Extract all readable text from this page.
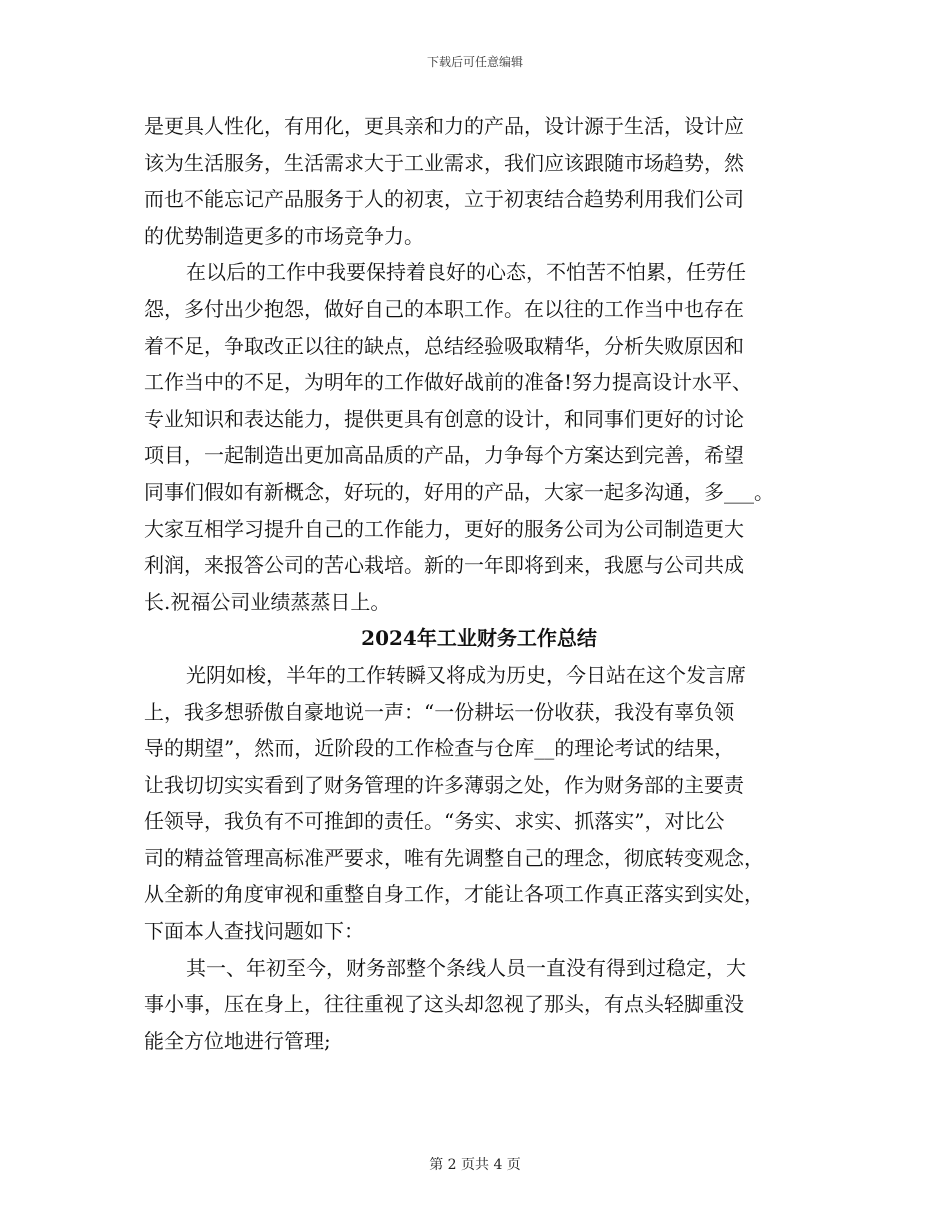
下载后可任意编辑
是更具人性化，有用化，更具亲和力的产品，设计源于生活，设计应
该为生活服务，生活需求大于工业需求，我们应该跟随市场趋势，然
而也不能忘记产品服务于人的初衷，立于初衷结合趋势利用我们公司
的优势制造更多的市场竞争力。
在以后的工作中我要保持着良好的心态，不怕苦不怕累，任劳任
怨，多付出少抱怨，做好自己的本职工作。在以往的工作当中也存在
着不足，争取改正以往的缺点，总结经验吸取精华，分析失败原因和
工作当中的不足，为明年的工作做好战前的准备!努力提高设计水平、
专业知识和表达能力，提供更具有创意的设计，和同事们更好的讨论
项目，一起制造出更加高品质的产品，力争每个方案达到完善，希望
同事们假如有新概念，好玩的，好用的产品，大家一起多沟通，多___。
大家互相学习提升自己的工作能力，更好的服务公司为公司制造更大
利润，来报答公司的苦心栽培。新的一年即将到来，我愿与公司共成
长.祝福公司业绩蒸蒸日上。
2024年工业财务工作总结
光阴如梭，半年的工作转瞬又将成为历史，今日站在这个发言席
上，我多想骄傲自豪地说一声：“一份耕坛一份收获，我没有辜负领
导的期望”，然而，近阶段的工作检查与仓库__的理论考试的结果，
让我切切实实看到了财务管理的许多薄弱之处，作为财务部的主要责
任领导，我负有不可推卸的责任。“务实、求实、抓落实”，对比公
司的精益管理高标准严要求，唯有先调整自己的理念，彻底转变观念，
从全新的角度审视和重整自身工作，才能让各项工作真正落实到实处，
下面本人查找问题如下：
其一、年初至今，财务部整个条线人员一直没有得到过稳定，大
事小事，压在身上，往往重视了这头却忽视了那头，有点头轻脚重没
能全方位地进行管理;
第 2 页共 4 页
